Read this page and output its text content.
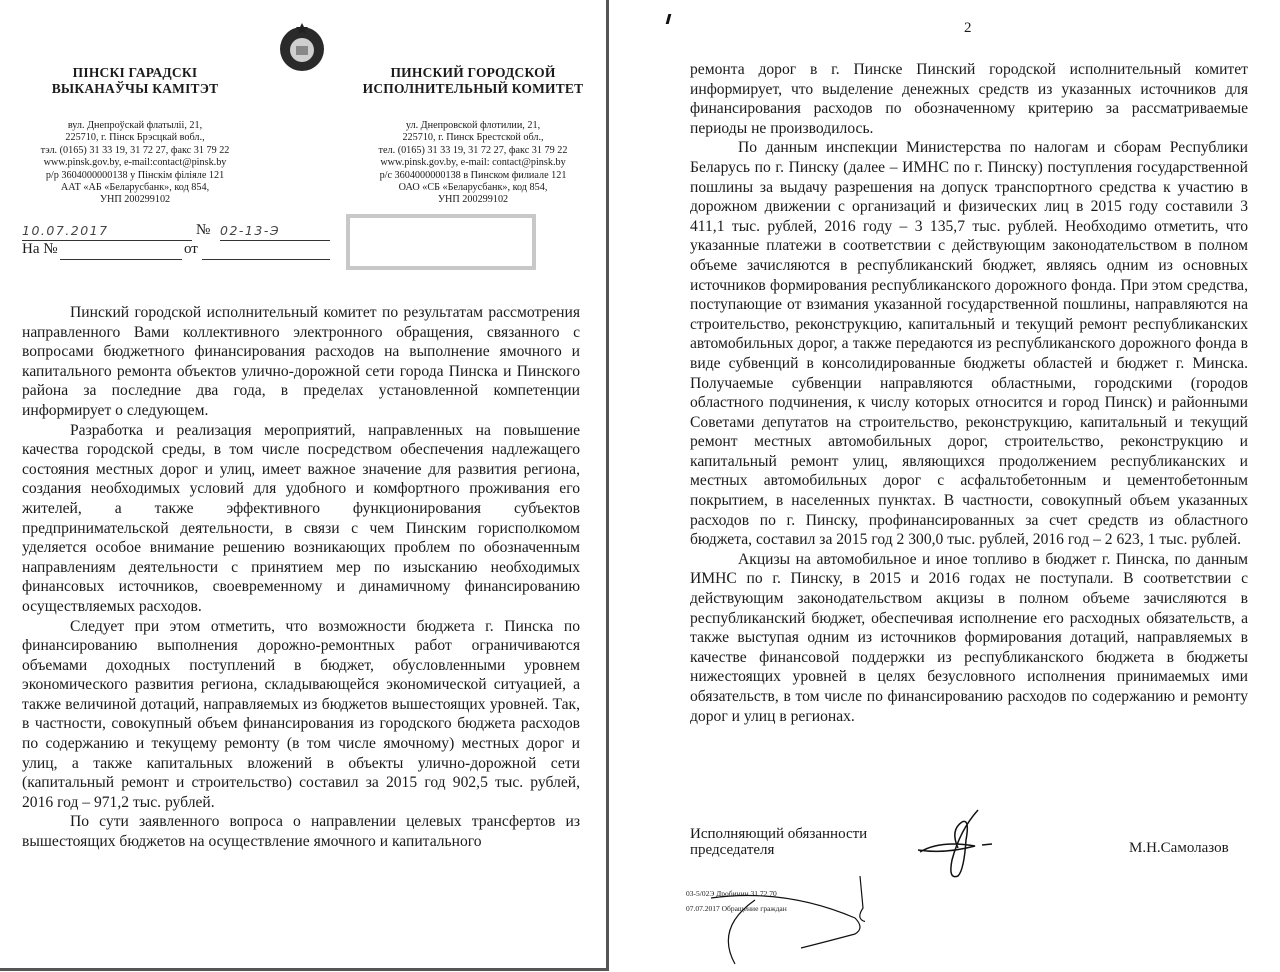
ПІНСКІ ГАРАДСКІ
ВЫКАНАЎЧЫ КАМІТЭТ
вул. Днепроўскай флатыліі, 21,
225710, г. Пінск Брэсцкай вобл.,
тэл. (0165) 31 33 19, 31 72 27, факс 31 79 22
www.pinsk.gov.by, e-mail:contact@pinsk.by
р/р 3604000000138 у Пінскім філіяле 121
ААТ «АБ «Беларусбанк», код 854,
УНП 200299102
ПИНСКИЙ ГОРОДСКОЙ
ИСПОЛНИТЕЛЬНЫЙ КОМИТЕТ
ул. Днепровской флотилии, 21,
225710, г. Пинск Брестской обл.,
тел. (0165) 31 33 19, 31 72 27, факс 31 79 22
www.pinsk.gov.by, e-mail: contact@pinsk.by
р/с 3604000000138 в Пинском филиале 121
ОАО «СБ «Беларусбанк», код 854,
УНП 200299102
10.07.2017	№ 02-13-Э
На №	от

Пинский городской исполнительный комитет по результатам рассмотрения направленного Вами коллективного электронного обращения, связанного с вопросами бюджетного финансирования расходов на выполнение ямочного и капитального ремонта объектов улично-дорожной сети города Пинска и Пинского района за последние два года, в пределах установленной компетенции информирует о следующем.

Разработка и реализация мероприятий, направленных на повышение качества городской среды, в том числе посредством обеспечения надлежащего состояния местных дорог и улиц, имеет важное значение для развития региона, создания необходимых условий для удобного и комфортного проживания его жителей, а также эффективного функционирования субъектов предпринимательской деятельности, в связи с чем Пинским горисполкомом уделяется особое внимание решению возникающих проблем по обозначенным направлениям деятельности с принятием мер по изысканию необходимых финансовых источников, своевременному и динамичному финансированию осуществляемых расходов.

Следует при этом отметить, что возможности бюджета г. Пинска по финансированию выполнения дорожно-ремонтных работ ограничиваются объемами доходных поступлений в бюджет, обусловленными уровнем экономического развития региона, складывающейся экономической ситуацией, а также величиной дотаций, направляемых из бюджетов вышестоящих уровней. Так, в частности, совокупный объем финансирования из городского бюджета расходов по содержанию и текущему ремонту (в том числе ямочному) местных дорог и улиц, а также капитальных вложений в объекты улично-дорожной сети (капитальный ремонт и строительство) составил за 2015 год 902,5 тыс. рублей, 2016 год – 971,2 тыс. рублей.

По сути заявленного вопроса о направлении целевых трансфертов из вышестоящих бюджетов на осуществление ямочного и капитального

2

ремонта дорог в г. Пинске Пинский городской исполнительный комитет информирует, что выделение денежных средств из указанных источников для финансирования расходов по обозначенному критерию за рассматриваемые периоды не производилось.

По данным инспекции Министерства по налогам и сборам Республики Беларусь по г. Пинску (далее – ИМНС по г. Пинску) поступления государственной пошлины за выдачу разрешения на допуск транспортного средства к участию в дорожном движении с организаций и физических лиц в 2015 году составили 3 411,1 тыс. рублей, 2016 году – 3 135,7 тыс. рублей. Необходимо отметить, что указанные платежи в соответствии с действующим законодательством в полном объеме зачисляются в республиканский бюджет, являясь одним из основных источников формирования республиканского дорожного фонда. При этом средства, поступающие от взимания указанной государственной пошлины, направляются на строительство, реконструкцию, капитальный и текущий ремонт республиканских автомобильных дорог, а также передаются из республиканского дорожного фонда в виде субвенций в консолидированные бюджеты областей и бюджет г. Минска. Получаемые субвенции направляются областными, городскими (городов областного подчинения, к числу которых относится и город Пинск) и районными Советами депутатов на строительство, реконструкцию, капитальный и текущий ремонт местных автомобильных дорог, строительство, реконструкцию и капитальный ремонт улиц, являющихся продолжением республиканских и местных автомобильных дорог с асфальтобетонным и цементобетонным покрытием, в населенных пунктах. В частности, совокупный объем указанных расходов по г. Пинску, профинансированных за счет средств из областного бюджета, составил за 2015 год 2 300,0 тыс. рублей, 2016 год – 2 623, 1 тыс. рублей.

Акцизы на автомобильное и иное топливо в бюджет г. Пинска, по данным ИМНС по г. Пинску, в 2015 и 2016 годах не поступали. В соответствии с действующим законодательством акцизы в полном объеме зачисляются в республиканский бюджет, обеспечивая исполнение его расходных обязательств, а также выступая одним из источников формирования дотаций, направляемых в качестве финансовой поддержки из республиканского бюджета в бюджеты нижестоящих уровней в целях безусловного исполнения принимаемых ими обязательств, в том числе по финансированию расходов по содержанию и ремонту дорог и улиц в регионах.

Исполняющий обязанности
председателя	М.Н.Самолазов
03-5/02Э Дробинин 31 72 70
07.07.2017 Обращение граждан
